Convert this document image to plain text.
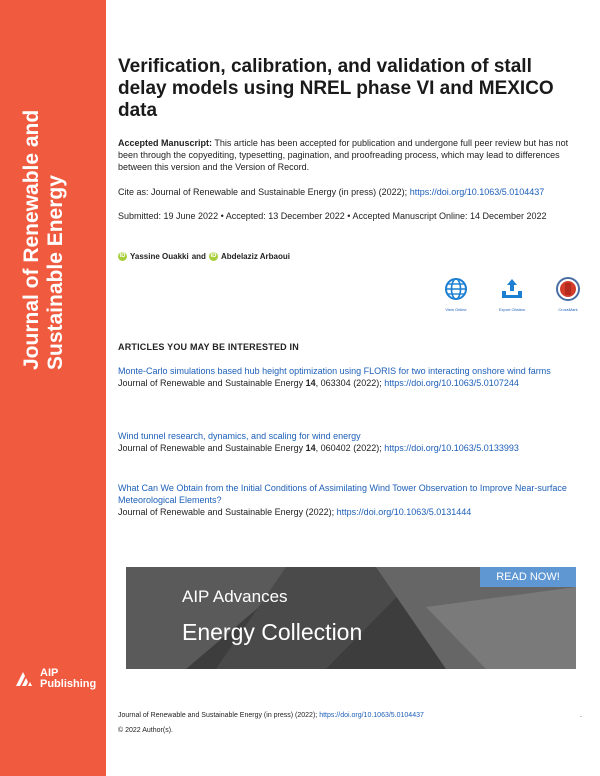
Journal of Renewable and Sustainable Energy
AIP
Publishing
Verification, calibration, and validation of stall delay models using NREL phase VI and MEXICO data

Accepted Manuscript: This article has been accepted for publication and undergone full peer review but has not been through the copyediting, typesetting, pagination, and proofreading process, which may lead to differences between this version and the Version of Record.

Cite as: Journal of Renewable and Sustainable Energy (in press) (2022); https://doi.org/10.1063/5.0104437

Submitted: 19 June 2022 • Accepted: 13 December 2022 • Accepted Manuscript Online: 14 December 2022

iD Yassine Ouakki and iD Abdelaziz Arbaoui
View Online	Export Citation	CrossMark
ARTICLES YOU MAY BE INTERESTED IN
Monte-Carlo simulations based hub height optimization using FLORIS for two interacting onshore wind farms
Journal of Renewable and Sustainable Energy 14, 063304 (2022); https://doi.org/10.1063/5.0107244
Wind tunnel research, dynamics, and scaling for wind energy
Journal of Renewable and Sustainable Energy 14, 060402 (2022); https://doi.org/10.1063/5.0133993
What Can We Obtain from the Initial Conditions of Assimilating Wind Tower Observation to Improve Near-surface Meteorological Elements?
Journal of Renewable and Sustainable Energy (2022); https://doi.org/10.1063/5.0131444
READ NOW!
AIP Advances
Energy Collection
Journal of Renewable and Sustainable Energy (in press) (2022); https://doi.org/10.1063/5.0104437	.
© 2022 Author(s).
